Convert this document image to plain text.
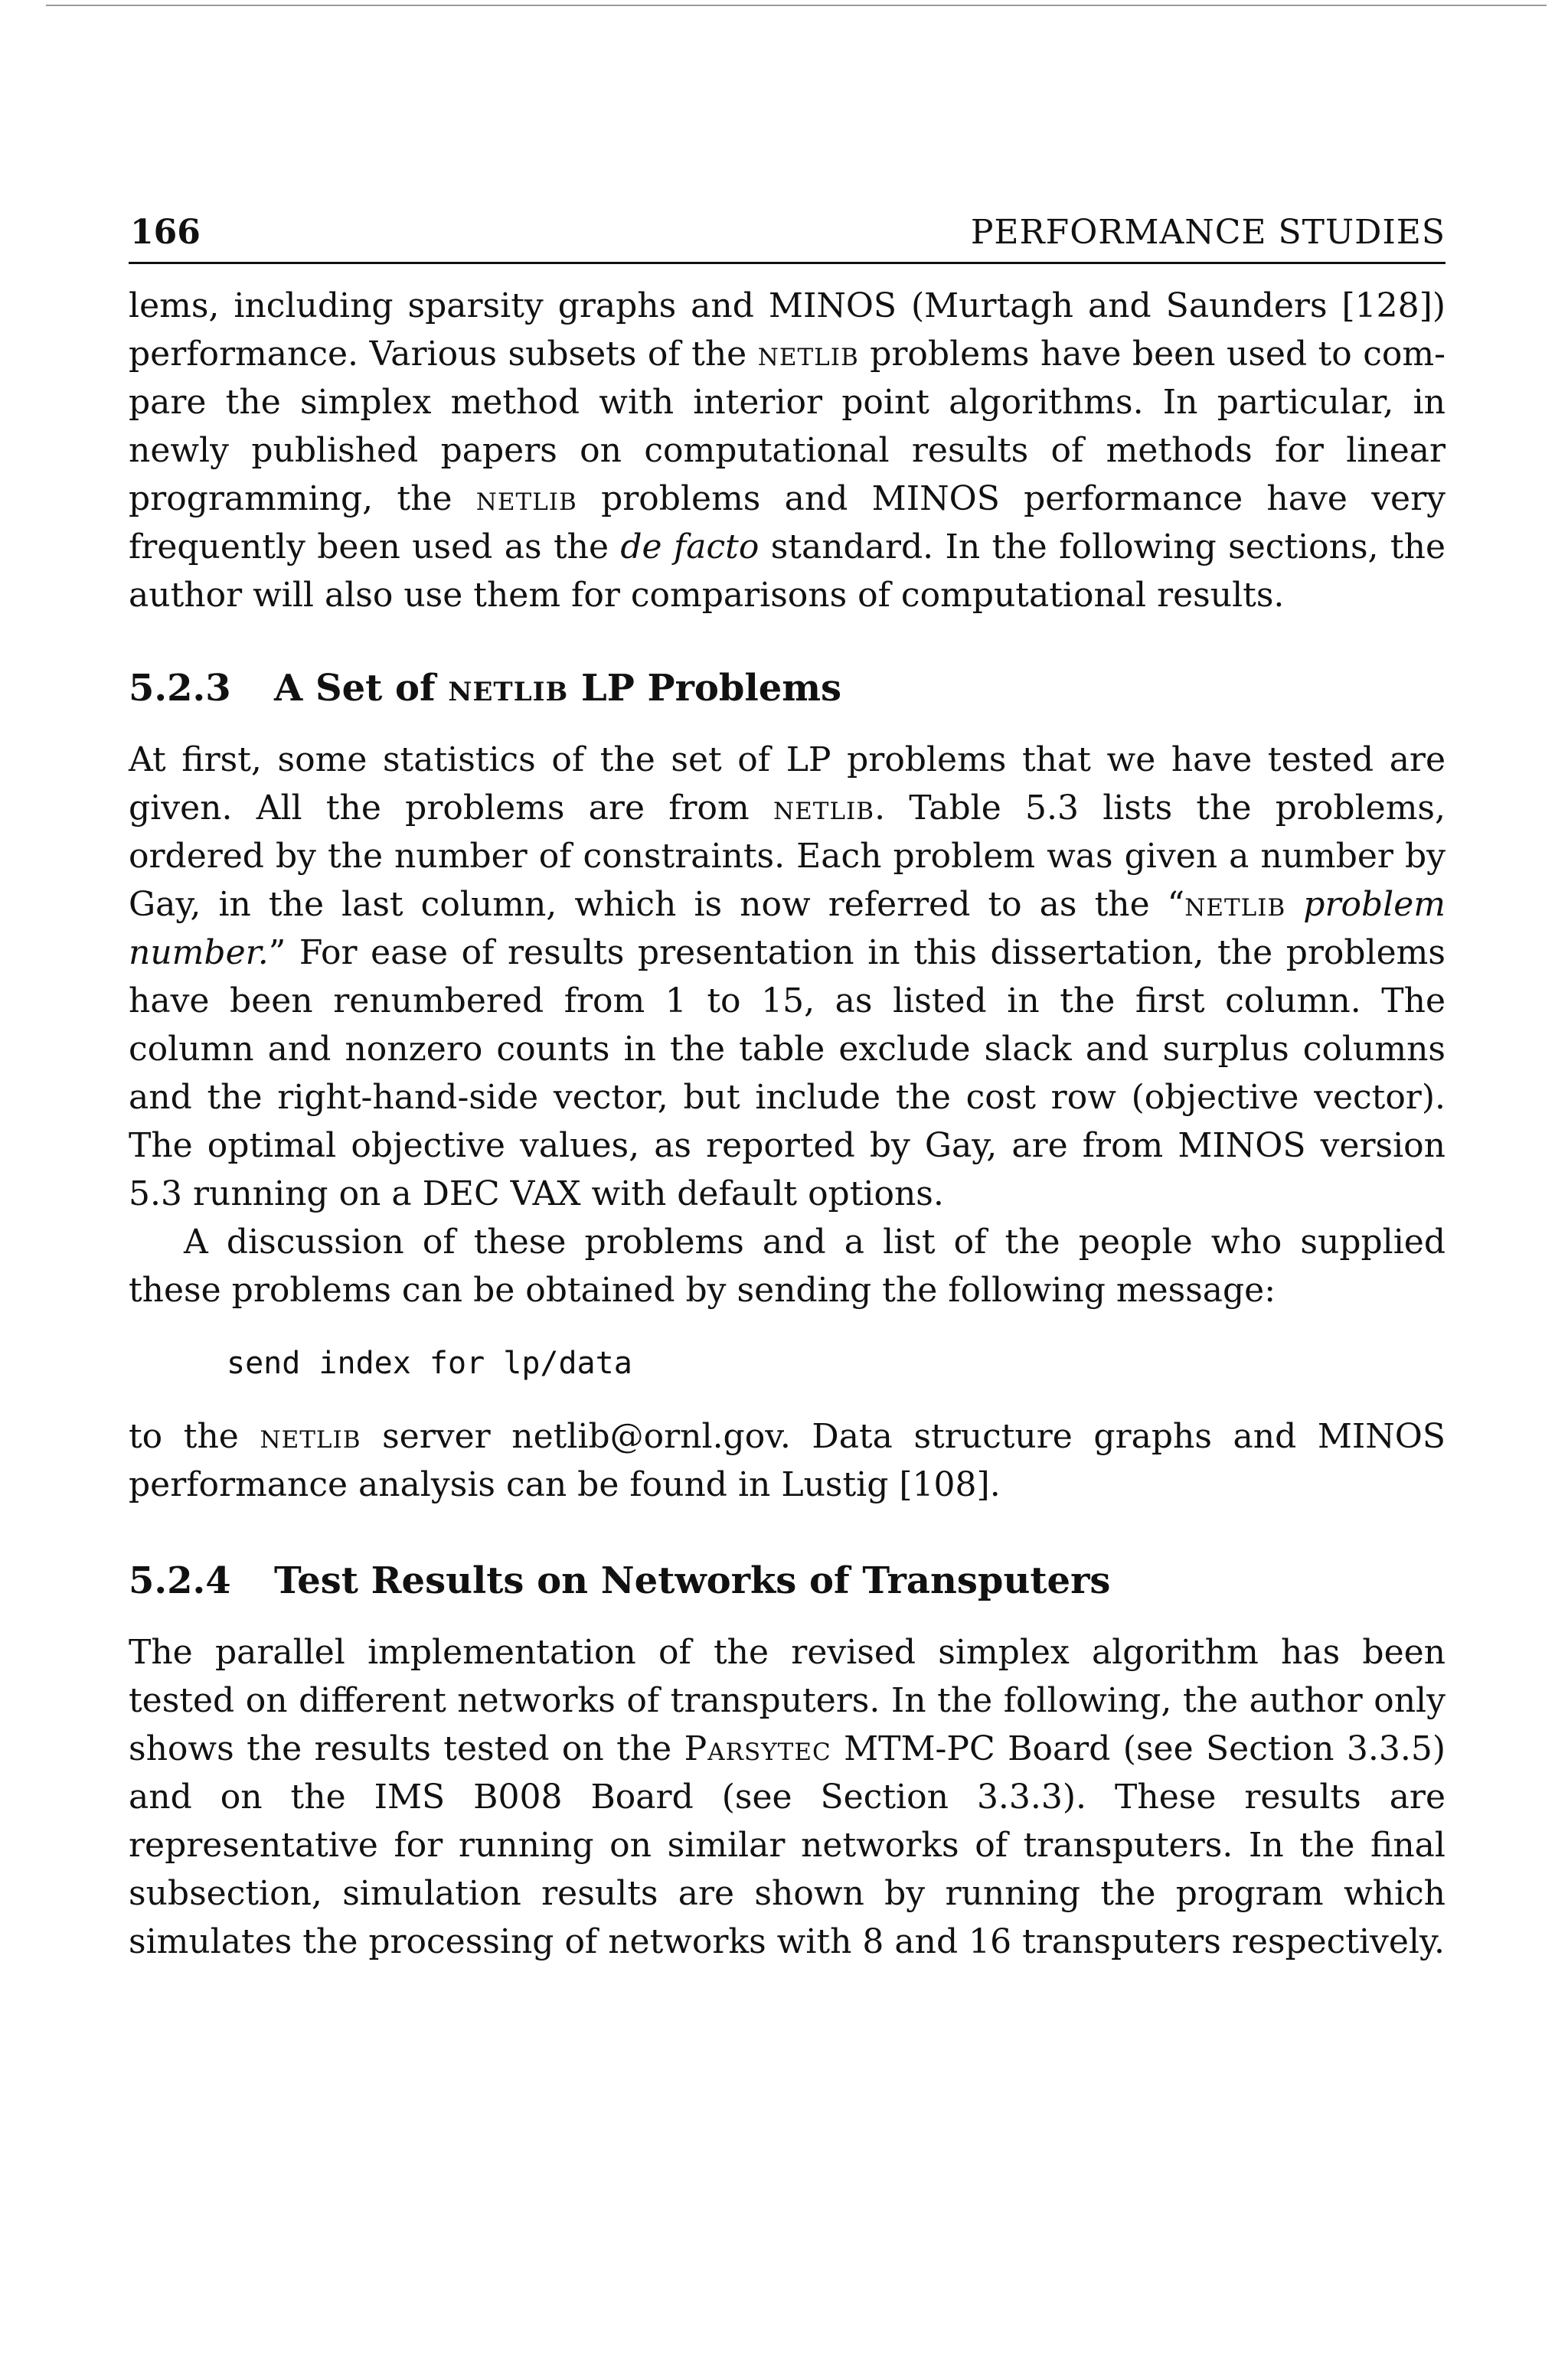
166	PERFORMANCE STUDIES

lems, including sparsity graphs and MINOS (Murtagh and Saunders [128]) performance. Various subsets of the netlib problems have been used to compare the simplex method with interior point algorithms. In particular, in newly published papers on computational results of methods for linear programming, the netlib problems and MINOS performance have very frequently been used as the de facto standard. In the following sections, the author will also use them for comparisons of computational results.

5.2.3 A Set of netlib LP Problems

At first, some statistics of the set of LP problems that we have tested are given. All the problems are from netlib. Table 5.3 lists the problems, ordered by the number of constraints. Each problem was given a number by Gay, in the last column, which is now referred to as the “netlib problem number.” For ease of results presentation in this dissertation, the problems have been renumbered from 1 to 15, as listed in the first column. The column and nonzero counts in the table exclude slack and surplus columns and the right-hand-side vector, but include the cost row (objective vector). The optimal objective values, as reported by Gay, are from MINOS version 5.3 running on a DEC VAX with default options.

A discussion of these problems and a list of the people who supplied these problems can be obtained by sending the following message:

send index for lp/data

to the netlib server netlib@ornl.gov. Data structure graphs and MINOS performance analysis can be found in Lustig [108].

5.2.4 Test Results on Networks of Transputers

The parallel implementation of the revised simplex algorithm has been tested on different networks of transputers. In the following, the author only shows the results tested on the Parsytec MTM-PC Board (see Section 3.3.5) and on the IMS B008 Board (see Section 3.3.3). These results are representative for running on similar networks of transputers. In the final subsection, simulation results are shown by running the program which simulates the processing of networks with 8 and 16 transputers respectively.
